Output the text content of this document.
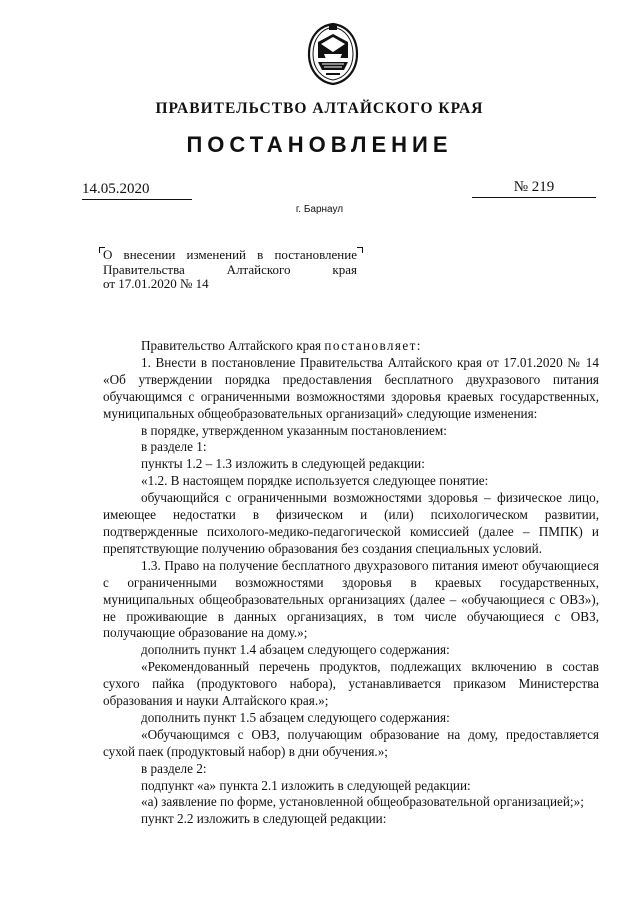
ПРАВИТЕЛЬСТВО АЛТАЙСКОГО КРАЯ
ПОСТАНОВЛЕНИЕ
14.05.2020	№ 219
г. Барнаул
О внесении изменений в постановление
Правительства Алтайского края
от 17.01.2020 № 14

Правительство Алтайского края постановляет:

1. Внести в постановление Правительства Алтайского края от 17.01.2020 № 14 «Об утверждении порядка предоставления бесплатного двухразового питания обучающимся с ограниченными возможностями здоровья краевых государственных, муниципальных общеобразовательных организаций» следующие изменения:

в порядке, утвержденном указанным постановлением:

в разделе 1:

пункты 1.2 – 1.3 изложить в следующей редакции:

«1.2. В настоящем порядке используется следующее понятие:

обучающийся с ограниченными возможностями здоровья – физическое лицо, имеющее недостатки в физическом и (или) психологическом развитии, подтвержденные психолого-медико-педагогической комиссией (далее – ПМПК) и препятствующие получению образования без создания специальных условий.

1.3. Право на получение бесплатного двухразового питания имеют обучающиеся с ограниченными возможностями здоровья в краевых государственных, муниципальных общеобразовательных организациях (далее – «обучающиеся с ОВЗ»), не проживающие в данных организациях, в том числе обучающиеся с ОВЗ, получающие образование на дому.»;

дополнить пункт 1.4 абзацем следующего содержания:

«Рекомендованный перечень продуктов, подлежащих включению в состав сухого пайка (продуктового набора), устанавливается приказом Министерства образования и науки Алтайского края.»;

дополнить пункт 1.5 абзацем следующего содержания:

«Обучающимся с ОВЗ, получающим образование на дому, предоставляется сухой паек (продуктовый набор) в дни обучения.»;

в разделе 2:

подпункт «а» пункта 2.1 изложить в следующей редакции:

«а) заявление по форме, установленной общеобразовательной организацией;»;

пункт 2.2 изложить в следующей редакции:
